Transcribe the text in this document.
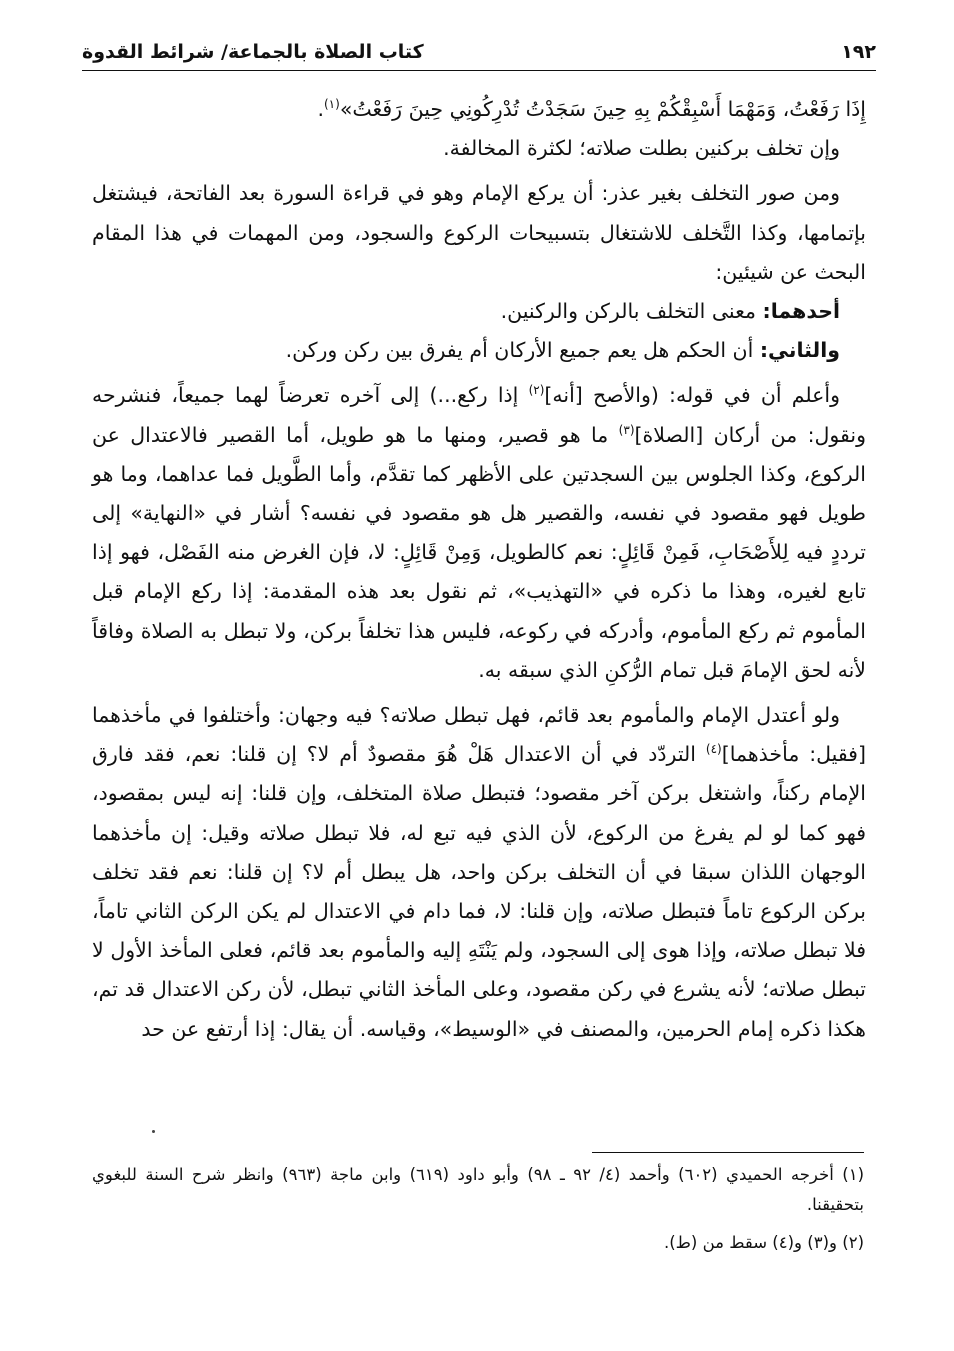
١٩٢
كتاب الصلاة بالجماعة/ شرائط القدوة

إِذَا رَفَعْتُ، وَمَهْمَا أَسْبِقْكُمْ بِهِ حِينَ سَجَدْتُ تُدْرِكُونِي حِينَ رَفَعْتُ»$^{(١)}$.

وإن تخلف بركنين بطلت صلاته؛ لكثرة المخالفة.

ومن صور التخلف بغير عذر: أن يركع الإمام وهو في قراءة السورة بعد الفاتحة، فيشتغل بإتمامها، وكذا التَّخلف للاشتغال بتسبيحات الركوع والسجود، ومن المهمات في هذا المقام البحث عن شيئين:

أحدهما: معنى التخلف بالركن والركنين.

والثاني: أن الحكم هل يعم جميع الأركان أم يفرق بين ركن وركن.

وأعلم أن في قوله: (والأصح [أنه]$^{(٢)}$ إذا ركع...) إلى آخره تعرضاً لهما جميعاً، فنشرحه ونقول: من أركان [الصلاة]$^{(٣)}$ ما هو قصير، ومنها ما هو طويل، أما القصير فالاعتدال عن الركوع، وكذا الجلوس بين السجدتين على الأظهر كما تقدَّم، وأما الطَّويل فما عداهما، وما هو طويل فهو مقصود في نفسه، والقصير هل هو مقصود في نفسه؟ أشار في «النهاية» إلى ترددٍ فيه لِلأَصْحَابِ، فَمِنْ قَائِلٍ: نعم كالطويل، وَمِنْ قَائِلٍ: لا، فإن الغرض منه الفَصْل، فهو إذا تابع لغيره، وهذا ما ذكره في «التهذيب»، ثم نقول بعد هذه المقدمة: إذا ركع الإمام قبل المأموم ثم ركع المأموم، وأدركه في ركوعه، فليس هذا تخلفاً بركن، ولا تبطل به الصلاة وفاقاً لأنه لحق الإمامَ قبل تمام الرُّكنِ الذي سبقه به.

ولو أعتدل الإمام والمأموم بعد قائم، فهل تبطل صلاته؟ فيه وجهان: وأختلفوا في مأخذهما [فقيل: مأخذهما]$^{(٤)}$ التردّد في أن الاعتدال هَلْ هُوَ مقصودٌ أم لا؟ إن قلنا: نعم، فقد فارق الإمام ركناً، واشتغل بركن آخر مقصود؛ فتبطل صلاة المتخلف، وإن قلنا: إنه ليس بمقصود، فهو كما لو لم يفرغ من الركوع، لأن الذي فيه تبع له، فلا تبطل صلاته وقيل: إن مأخذهما الوجهان اللذان سبقا في أن التخلف بركن واحد، هل يبطل أم لا؟ إن قلنا: نعم فقد تخلف بركن الركوع تاماً فتبطل صلاته، وإن قلنا: لا، فما دام في الاعتدال لم يكن الركن الثاني تاماً، فلا تبطل صلاته، وإذا هوى إلى السجود، ولم يَنْتَهِ إليه والمأموم بعد قائم، فعلى المأخذ الأول لا تبطل صلاته؛ لأنه يشرع في ركن مقصود، وعلى المأخذ الثاني تبطل، لأن ركن الاعتدال قد تم، هكذا ذكره إمام الحرمين، والمصنف في «الوسيط»، وقياسه. أن يقال: إذا أرتفع عن حد

(١) أخرجه الحميدي (٦٠٢) وأحمد (٤/ ٩٢ ـ ٩٨) وأبو داود (٦١٩) وابن ماجة (٩٦٣) وانظر شرح السنة للبغوي بتحقيقنا.

(٢) و(٣) و(٤) سقط من (ط).
